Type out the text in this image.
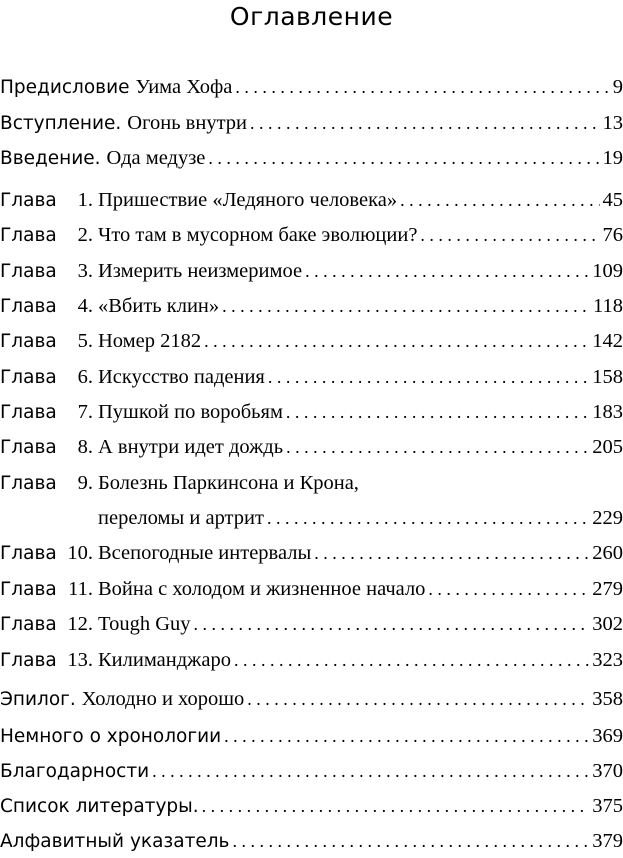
Оглавление
Предисловие Уима Хофа . . .	9
Вступление. Огонь внутри . . .	13
Введение. Ода медузе . . .	19
Глава	1. Пришествие «Ледяного человека» . . .	45
Глава	2. Что там в мусорном баке эволюции? . . .	76
Глава	3. Измерить неизмеримое . . .	109
Глава	4. «Вбить клин» . . .	118
Глава	5. Номер 2182 . . .	142
Глава	6. Искусство падения . . .	158
Глава	7. Пушкой по воробьям . . .	183
Глава	8. А внутри идет дождь . . .	205
Глава	9. Болезнь Паркинсона и Крона,
переломы и артрит . . .	229
Глава 10. Всепогодные интервалы . . .	260
Глава 11. Война с холодом и жизненное начало . . .	279
Глава 12. Tough Guy . . .	302
Глава 13. Килиманджаро . . .	323
Эпилог. Холодно и хорошо . . .	358
Немного о хронологии . . .	369
Благодарности . . .	370
Список литературы. . . .	375
Алфавитный указатель . . .	379
